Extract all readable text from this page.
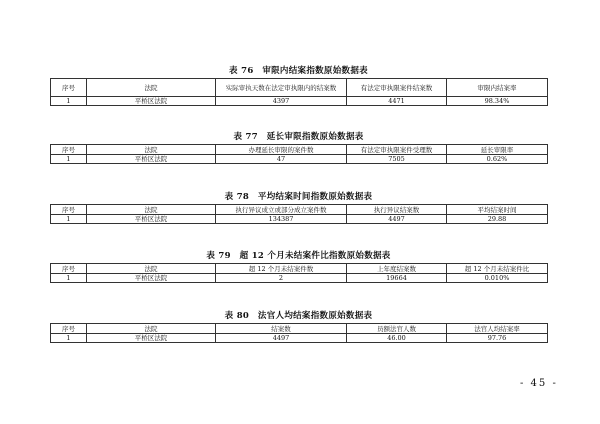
表 76　审限内结案指数原始数据表
序号	法院	实际审执天数在法定审执限内的结案数	有法定审执限案件结案数	审限内结案率
1	平桥区法院	4397	4471	98.34%
表 77　延长审限指数原始数据表
序号	法院	办理延长审限的案件数	有法定审执限案件受理数	延长审限率
1	平桥区法院	47	7505	0.62%
表 78　平均结案时间指数原始数据表
序号	法院	执行异议成立或部分成立案件数	执行异议结案数	平均结案时间
1	平桥区法院	134387	4497	29.88
表 79　超 12 个月未结案件比指数原始数据表
序号	法院	超 12 个月未结案件数	上年度结案数	超 12 个月未结案件比
1	平桥区法院	2	19664	0.010%
表 80　法官人均结案指数原始数据表
序号	法院	结案数	员额法官人数	法官人均结案率
1	平桥区法院	4497	46.00	97.76
- 45 -
